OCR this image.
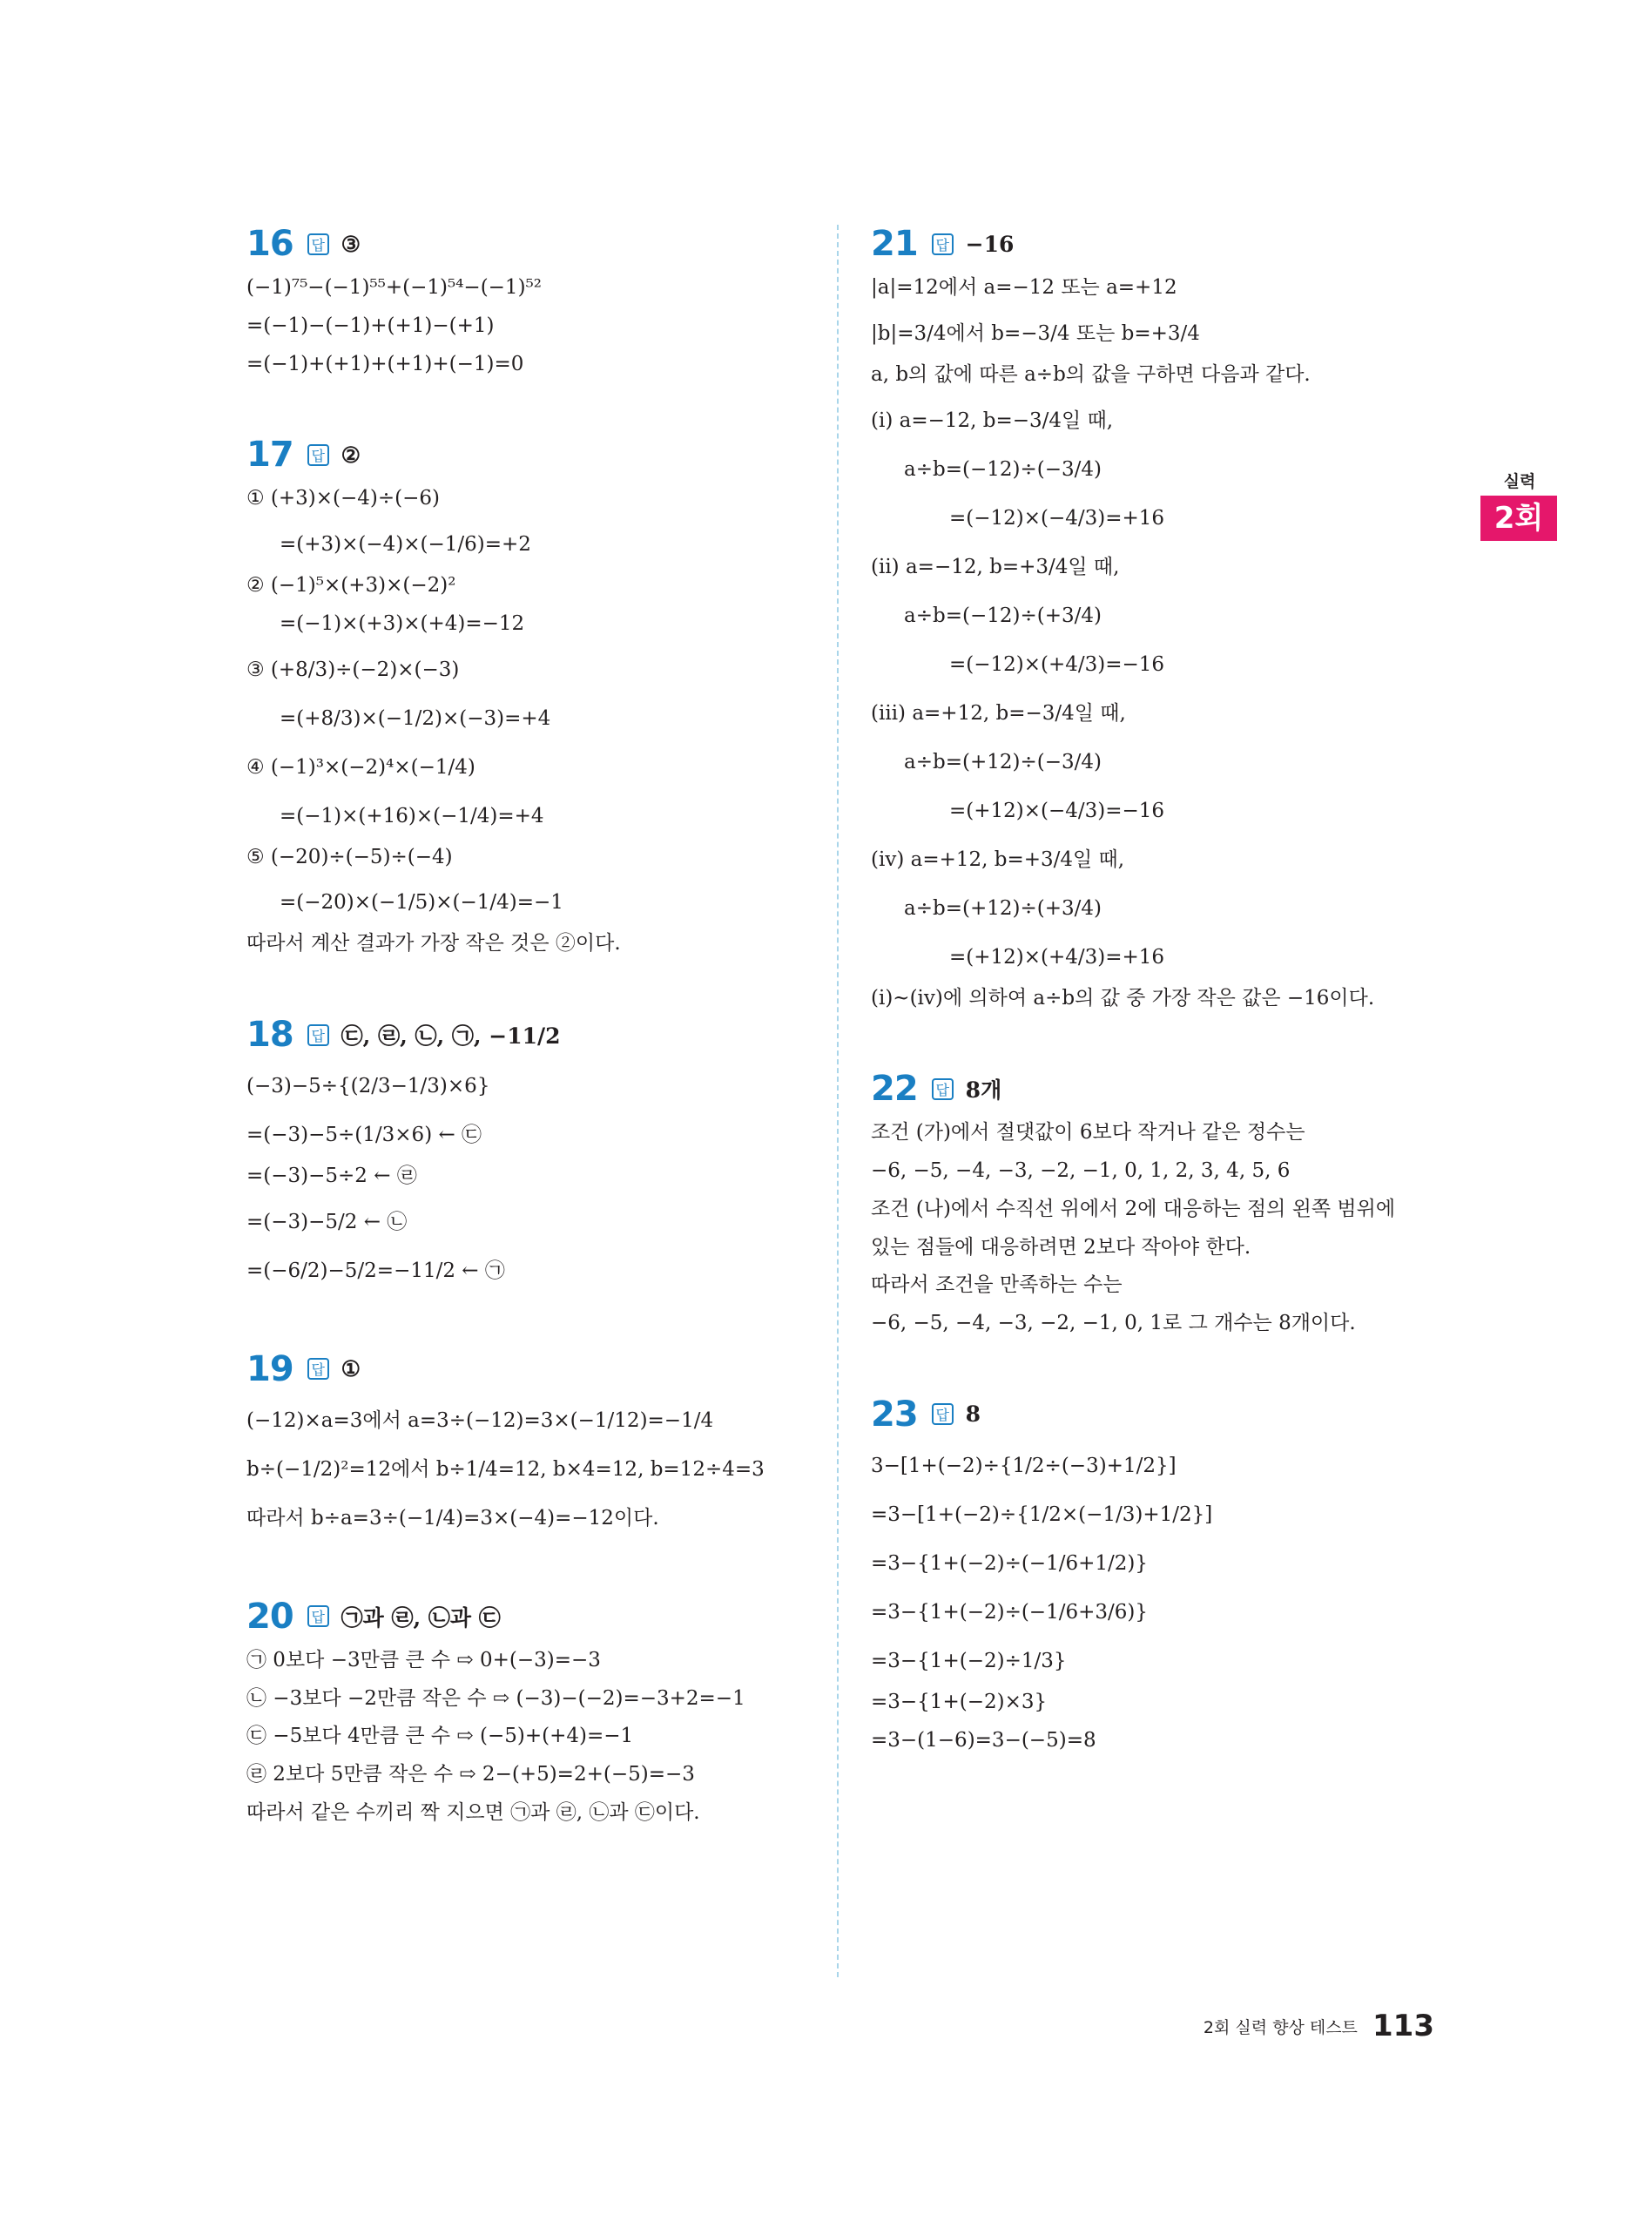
16 답 ③
(−1)⁷⁵−(−1)⁵⁵+(−1)⁵⁴−(−1)⁵²
=(−1)−(−1)+(+1)−(+1)
=(−1)+(+1)+(+1)+(−1)=0
17 답 ②
① (+3)×(−4)÷(−6)
=(+3)×(−4)×(−1/6)=+2
② (−1)⁵×(+3)×(−2)²
=(−1)×(+3)×(+4)=−12
③ (+8/3)÷(−2)×(−3)
=(+8/3)×(−1/2)×(−3)=+4
④ (−1)³×(−2)⁴×(−1/4)
=(−1)×(+16)×(−1/4)=+4
⑤ (−20)÷(−5)÷(−4)
=(−20)×(−1/5)×(−1/4)=−1
따라서 계산 결과가 가장 작은 것은 ②이다.
18 답 ㉢, ㉣, ㉡, ㉠, −11/2
(−3)−5÷{(2/3−1/3)×6}
=(−3)−5÷(1/3×6) ← ㉢
=(−3)−5÷2 ← ㉣
=(−3)−5/2 ← ㉡
=(−6/2)−5/2=−11/2 ← ㉠
19 답 ①
(−12)×a=3에서 a=3÷(−12)=3×(−1/12)=−1/4
b÷(−1/2)²=12에서 b÷1/4=12, b×4=12, b=12÷4=3
따라서 b÷a=3÷(−1/4)=3×(−4)=−12이다.
20 답 ㉠과 ㉣, ㉡과 ㉢
㉠ 0보다 −3만큼 큰 수 ⇨ 0+(−3)=−3
㉡ −3보다 −2만큼 작은 수 ⇨ (−3)−(−2)=−3+2=−1
㉢ −5보다 4만큼 큰 수 ⇨ (−5)+(+4)=−1
㉣ 2보다 5만큼 작은 수 ⇨ 2−(+5)=2+(−5)=−3
따라서 같은 수끼리 짝 지으면 ㉠과 ㉣, ㉡과 ㉢이다.
21 답 −16
|a|=12에서 a=−12 또는 a=+12
|b|=3/4에서 b=−3/4 또는 b=+3/4
a, b의 값에 따른 a÷b의 값을 구하면 다음과 같다.
(ⅰ) a=−12, b=−3/4일 때,
a÷b=(−12)÷(−3/4)
=(−12)×(−4/3)=+16
(ⅱ) a=−12, b=+3/4일 때,
a÷b=(−12)÷(+3/4)
=(−12)×(+4/3)=−16
(ⅲ) a=+12, b=−3/4일 때,
a÷b=(+12)÷(−3/4)
=(+12)×(−4/3)=−16
(ⅳ) a=+12, b=+3/4일 때,
a÷b=(+12)÷(+3/4)
=(+12)×(+4/3)=+16
(ⅰ)~(ⅳ)에 의하여 a÷b의 값 중 가장 작은 값은 −16이다.
22 답 8개
조건 (가)에서 절댓값이 6보다 작거나 같은 정수는
−6, −5, −4, −3, −2, −1, 0, 1, 2, 3, 4, 5, 6
조건 (나)에서 수직선 위에서 2에 대응하는 점의 왼쪽 범위에
있는 점들에 대응하려면 2보다 작아야 한다.
따라서 조건을 만족하는 수는
−6, −5, −4, −3, −2, −1, 0, 1로 그 개수는 8개이다.
23 답 8
3−[1+(−2)÷{1/2÷(−3)+1/2}]
=3−[1+(−2)÷{1/2×(−1/3)+1/2}]
=3−{1+(−2)÷(−1/6+1/2)}
=3−{1+(−2)÷(−1/6+3/6)}
=3−{1+(−2)÷1/3}
=3−{1+(−2)×3}
=3−(1−6)=3−(−5)=8
실력
2회
2회 실력 향상 테스트 113
